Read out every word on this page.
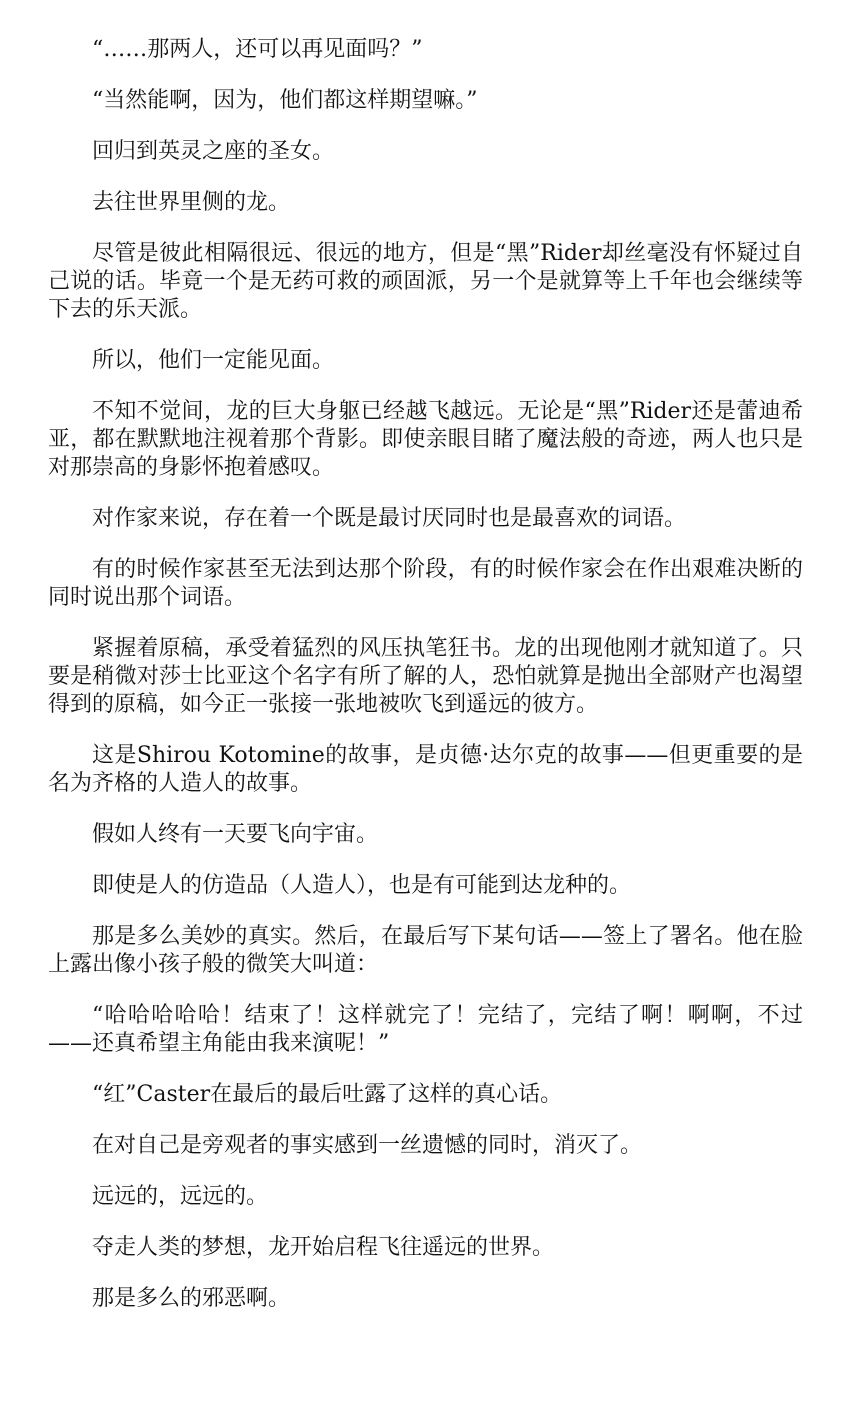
“……那两人，还可以再见面吗？”

“当然能啊，因为，他们都这样期望嘛。”

回归到英灵之座的圣女。

去往世界里侧的龙。

尽管是彼此相隔很远、很远的地方，但是“黑”Rider却丝毫没有怀疑过自己说的话。毕竟一个是无药可救的顽固派，另一个是就算等上千年也会继续等下去的乐天派。

所以，他们一定能见面。

不知不觉间，龙的巨大身躯已经越飞越远。无论是“黑”Rider还是蕾迪希亚，都在默默地注视着那个背影。即使亲眼目睹了魔法般的奇迹，两人也只是对那崇高的身影怀抱着感叹。

对作家来说，存在着一个既是最讨厌同时也是最喜欢的词语。

有的时候作家甚至无法到达那个阶段，有的时候作家会在作出艰难决断的同时说出那个词语。

紧握着原稿，承受着猛烈的风压执笔狂书。龙的出现他刚才就知道了。只要是稍微对莎士比亚这个名字有所了解的人，恐怕就算是抛出全部财产也渴望得到的原稿，如今正一张接一张地被吹飞到遥远的彼方。

这是Shirou Kotomine的故事，是贞德·达尔克的故事——但更重要的是名为齐格的人造人的故事。

假如人终有一天要飞向宇宙。

即使是人的仿造品（人造人），也是有可能到达龙种的。

那是多么美妙的真实。然后，在最后写下某句话——签上了署名。他在脸上露出像小孩子般的微笑大叫道：

“哈哈哈哈哈！结束了！这样就完了！完结了，完结了啊！啊啊，不过——还真希望主角能由我来演呢！”

“红”Caster在最后的最后吐露了这样的真心话。

在对自己是旁观者的事实感到一丝遗憾的同时，消灭了。

远远的，远远的。

夺走人类的梦想，龙开始启程飞往遥远的世界。

那是多么的邪恶啊。
